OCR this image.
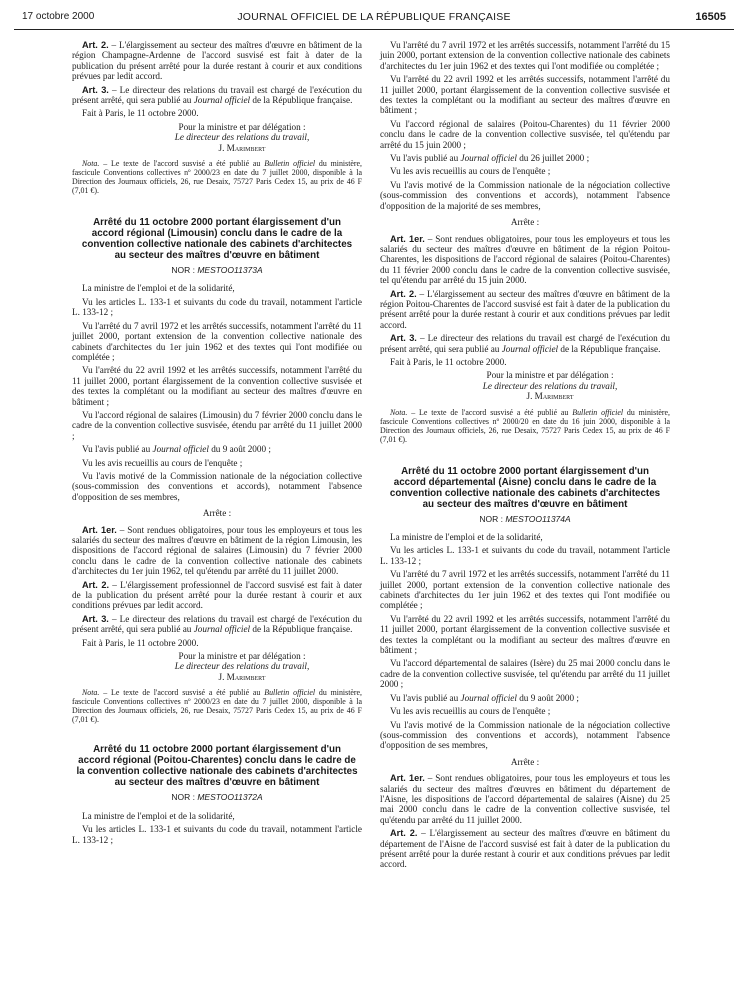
17 octobre 2000	JOURNAL OFFICIEL DE LA RÉPUBLIQUE FRANÇAISE	16505

Art. 2. – L'élargissement au secteur des maîtres d'œuvre en bâtiment de la région Champagne-Ardenne de l'accord susvisé est fait à dater de la publication du présent arrêté pour la durée restant à courir et aux conditions prévues par ledit accord.

Art. 3. – Le directeur des relations du travail est chargé de l'exécution du présent arrêté, qui sera publié au Journal officiel de la République française.

Fait à Paris, le 11 octobre 2000.

Pour la ministre et par délégation :

Le directeur des relations du travail,

J. Marimbert

Nota. – Le texte de l'accord susvisé a été publié au Bulletin officiel du ministère, fascicule Conventions collectives nº 2000/23 en date du 7 juillet 2000, disponible à la Direction des Journaux officiels, 26, rue Desaix, 75727 Paris Cedex 15, au prix de 46 F (7,01 €).

Arrêté du 11 octobre 2000 portant élargissement d'un accord régional (Limousin) conclu dans le cadre de la convention collective nationale des cabinets d'architectes au secteur des maîtres d'œuvre en bâtiment

NOR : MESTOO11373A

La ministre de l'emploi et de la solidarité,

Vu les articles L. 133-1 et suivants du code du travail, notamment l'article L. 133-12 ;

Vu l'arrêté du 7 avril 1972 et les arrêtés successifs, notamment l'arrêté du 11 juillet 2000, portant extension de la convention collective nationale des cabinets d'architectes du 1er juin 1962 et des textes qui l'ont modifiée ou complétée ;

Vu l'arrêté du 22 avril 1992 et les arrêtés successifs, notamment l'arrêté du 11 juillet 2000, portant élargissement de la convention collective susvisée et des textes la complétant ou la modifiant au secteur des maîtres d'œuvre en bâtiment ;

Vu l'accord régional de salaires (Limousin) du 7 février 2000 conclu dans le cadre de la convention collective susvisée, étendu par arrêté du 11 juillet 2000 ;

Vu l'avis publié au Journal officiel du 9 août 2000 ;

Vu les avis recueillis au cours de l'enquête ;

Vu l'avis motivé de la Commission nationale de la négociation collective (sous-commission des conventions et accords), notamment l'absence d'opposition de ses membres,

Arrête :

Art. 1er. – Sont rendues obligatoires, pour tous les employeurs et tous les salariés du secteur des maîtres d'œuvre en bâtiment de la région Limousin, les dispositions de l'accord régional de salaires (Limousin) du 7 février 2000 conclu dans le cadre de la convention collective nationale des cabinets d'architectes du 1er juin 1962, tel qu'étendu par arrêté du 11 juillet 2000.

Art. 2. – L'élargissement professionnel de l'accord susvisé est fait à dater de la publication du présent arrêté pour la durée restant à courir et aux conditions prévues par ledit accord.

Art. 3. – Le directeur des relations du travail est chargé de l'exécution du présent arrêté, qui sera publié au Journal officiel de la République française.

Fait à Paris, le 11 octobre 2000.

Pour la ministre et par délégation :

Le directeur des relations du travail,

J. Marimbert

Nota. – Le texte de l'accord susvisé a été publié au Bulletin officiel du ministère, fascicule Conventions collectives nº 2000/23 en date du 7 juillet 2000, disponible à la Direction des Journaux officiels, 26, rue Desaix, 75727 Paris Cedex 15, au prix de 46 F (7,01 €).

Arrêté du 11 octobre 2000 portant élargissement d'un accord régional (Poitou-Charentes) conclu dans le cadre de la convention collective nationale des cabinets d'architectes au secteur des maîtres d'œuvre en bâtiment

NOR : MESTOO11372A

La ministre de l'emploi et de la solidarité,

Vu les articles L. 133-1 et suivants du code du travail, notamment l'article L. 133-12 ;

Vu l'arrêté du 7 avril 1972 et les arrêtés successifs, notamment l'arrêté du 15 juin 2000, portant extension de la convention collective nationale des cabinets d'architectes du 1er juin 1962 et des textes qui l'ont modifiée ou complétée ;

Vu l'arrêté du 22 avril 1992 et les arrêtés successifs, notamment l'arrêté du 11 juillet 2000, portant élargissement de la convention collective susvisée et des textes la complétant ou la modifiant au secteur des maîtres d'œuvre en bâtiment ;

Vu l'accord régional de salaires (Poitou-Charentes) du 11 février 2000 conclu dans le cadre de la convention collective susvisée, tel qu'étendu par arrêté du 15 juin 2000 ;

Vu l'avis publié au Journal officiel du 26 juillet 2000 ;

Vu les avis recueillis au cours de l'enquête ;

Vu l'avis motivé de la Commission nationale de la négociation collective (sous-commission des conventions et accords), notamment l'absence d'opposition de la majorité de ses membres,

Arrête :

Art. 1er. – Sont rendues obligatoires, pour tous les employeurs et tous les salariés du secteur des maîtres d'œuvre en bâtiment de la région Poitou-Charentes, les dispositions de l'accord régional de salaires (Poitou-Charentes) du 11 février 2000 conclu dans le cadre de la convention collective susvisée, tel qu'étendu par arrêté du 15 juin 2000.

Art. 2. – L'élargissement au secteur des maîtres d'œuvre en bâtiment de la région Poitou-Charentes de l'accord susvisé est fait à dater de la publication du présent arrêté pour la durée restant à courir et aux conditions prévues par ledit accord.

Art. 3. – Le directeur des relations du travail est chargé de l'exécution du présent arrêté, qui sera publié au Journal officiel de la République française.

Fait à Paris, le 11 octobre 2000.

Pour la ministre et par délégation :

Le directeur des relations du travail,

J. Marimbert

Nota. – Le texte de l'accord susvisé a été publié au Bulletin officiel du ministère, fascicule Conventions collectives nº 2000/20 en date du 16 juin 2000, disponible à la Direction des Journaux officiels, 26, rue Desaix, 75727 Paris Cedex 15, au prix de 46 F (7,01 €).

Arrêté du 11 octobre 2000 portant élargissement d'un accord départemental (Aisne) conclu dans le cadre de la convention collective nationale des cabinets d'architectes au secteur des maîtres d'œuvre en bâtiment

NOR : MESTOO11374A

La ministre de l'emploi et de la solidarité,

Vu les articles L. 133-1 et suivants du code du travail, notamment l'article L. 133-12 ;

Vu l'arrêté du 7 avril 1972 et les arrêtés successifs, notamment l'arrêté du 11 juillet 2000, portant extension de la convention collective nationale des cabinets d'architectes du 1er juin 1962 et des textes qui l'ont modifiée ou complétée ;

Vu l'arrêté du 22 avril 1992 et les arrêtés successifs, notamment l'arrêté du 11 juillet 2000, portant élargissement de la convention collective susvisée et des textes la complétant ou la modifiant au secteur des maîtres d'œuvre en bâtiment ;

Vu l'accord départemental de salaires (Isère) du 25 mai 2000 conclu dans le cadre de la convention collective susvisée, tel qu'étendu par arrêté du 11 juillet 2000 ;

Vu l'avis publié au Journal officiel du 9 août 2000 ;

Vu les avis recueillis au cours de l'enquête ;

Vu l'avis motivé de la Commission nationale de la négociation collective (sous-commission des conventions et accords), notamment l'absence d'opposition de ses membres,

Arrête :

Art. 1er. – Sont rendues obligatoires, pour tous les employeurs et tous les salariés du secteur des maîtres d'œuvres en bâtiment du département de l'Aisne, les dispositions de l'accord départemental de salaires (Aisne) du 25 mai 2000 conclu dans le cadre de la convention collective susvisée, tel qu'étendu par arrêté du 11 juillet 2000.

Art. 2. – L'élargissement au secteur des maîtres d'œuvre en bâtiment du département de l'Aisne de l'accord susvisé est fait à dater de la publication du présent arrêté pour la durée restant à courir et aux conditions prévues par ledit accord.
